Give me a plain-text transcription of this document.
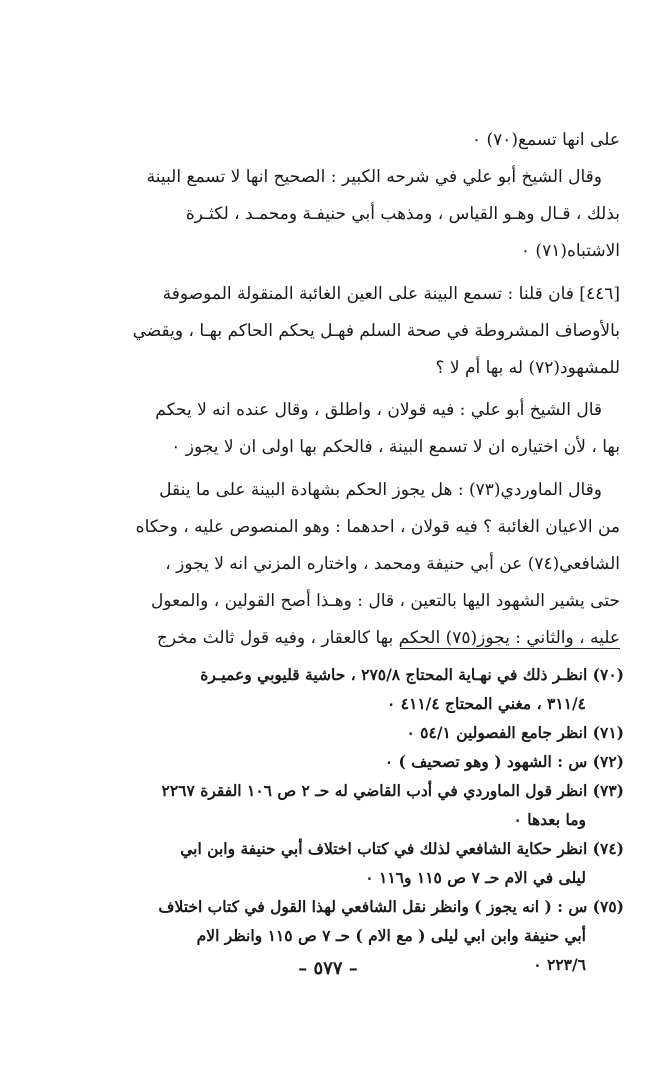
على انها تسمع(٧٠) ٠
وقال الشيخ أبو علي في شرحه الكبير : الصحيح انها لا تسمع البينة
بذلك ، قـال وهـو القياس ، ومذهب أبي حنيفـة ومحمـد ، لكثـرة
الاشتباه(٧١) ٠
[٤٤٦] فان قلنا : تسمع البينة على العين الغائبة المنقولة الموصوفة
بالأوصاف المشروطة في صحة السلم فهـل يحكم الحاكم بهـا ، ويقضي
للمشهود(٧٢) له بها أم لا ؟
قال الشيخ أبو علي : فيه قولان ، واطلق ، وقال عنده انه لا يحكم
بها ، لأن اختياره ان لا تسمع البينة ، فالحكم بها اولى ان لا يجوز ٠
وقال الماوردي(٧٣) : هل يجوز الحكم بشهادة البينة على ما ينقل
من الاعيان الغائبة ؟ فيه قولان ، احدهما : وهو المنصوص عليه ، وحكاه
الشافعي(٧٤) عن أبي حنيفة ومحمد ، واختاره المزني انه لا يجوز ،
حتى يشير الشهود اليها بالتعين ، قال : وهـذا أصح القولين ، والمعول
عليه ، والثاني : يجوز(٧٥) الحكم بها كالعقار ، وفيه قول ثالث مخرج
(٧٠) انظـر ذلك في نهـاية المحتاج ٢٧٥/٨ ، حاشية قليوبي وعميـرة
٣١١/٤ ، مغني المحتاج ٤١١/٤ ٠
(٧١) انظر جامع الفصولين ٥٤/١ ٠
(٧٢) س : الشهود ( وهو تصحيف ) ٠
(٧٣) انظر قول الماوردي في أدب القاضي له حـ ٢ ص ١٠٦ الفقرة ٢٢٦٧
وما بعدها ٠
(٧٤) انظر حكاية الشافعي لذلك في كتاب اختلاف أبي حنيفة وابن ابي
ليلى في الام حـ ٧ ص ١١٥ و١١٦ ٠
(٧٥) س : ( انه يجوز ) وانظر نقل الشافعي لهذا القول في كتاب اختلاف
أبي حنيفة وابن ابي ليلى ( مع الام ) حـ ٧ ص ١١٥ وانظر الام
٢٢٣/٦ ٠
– ٥٧٧ –
